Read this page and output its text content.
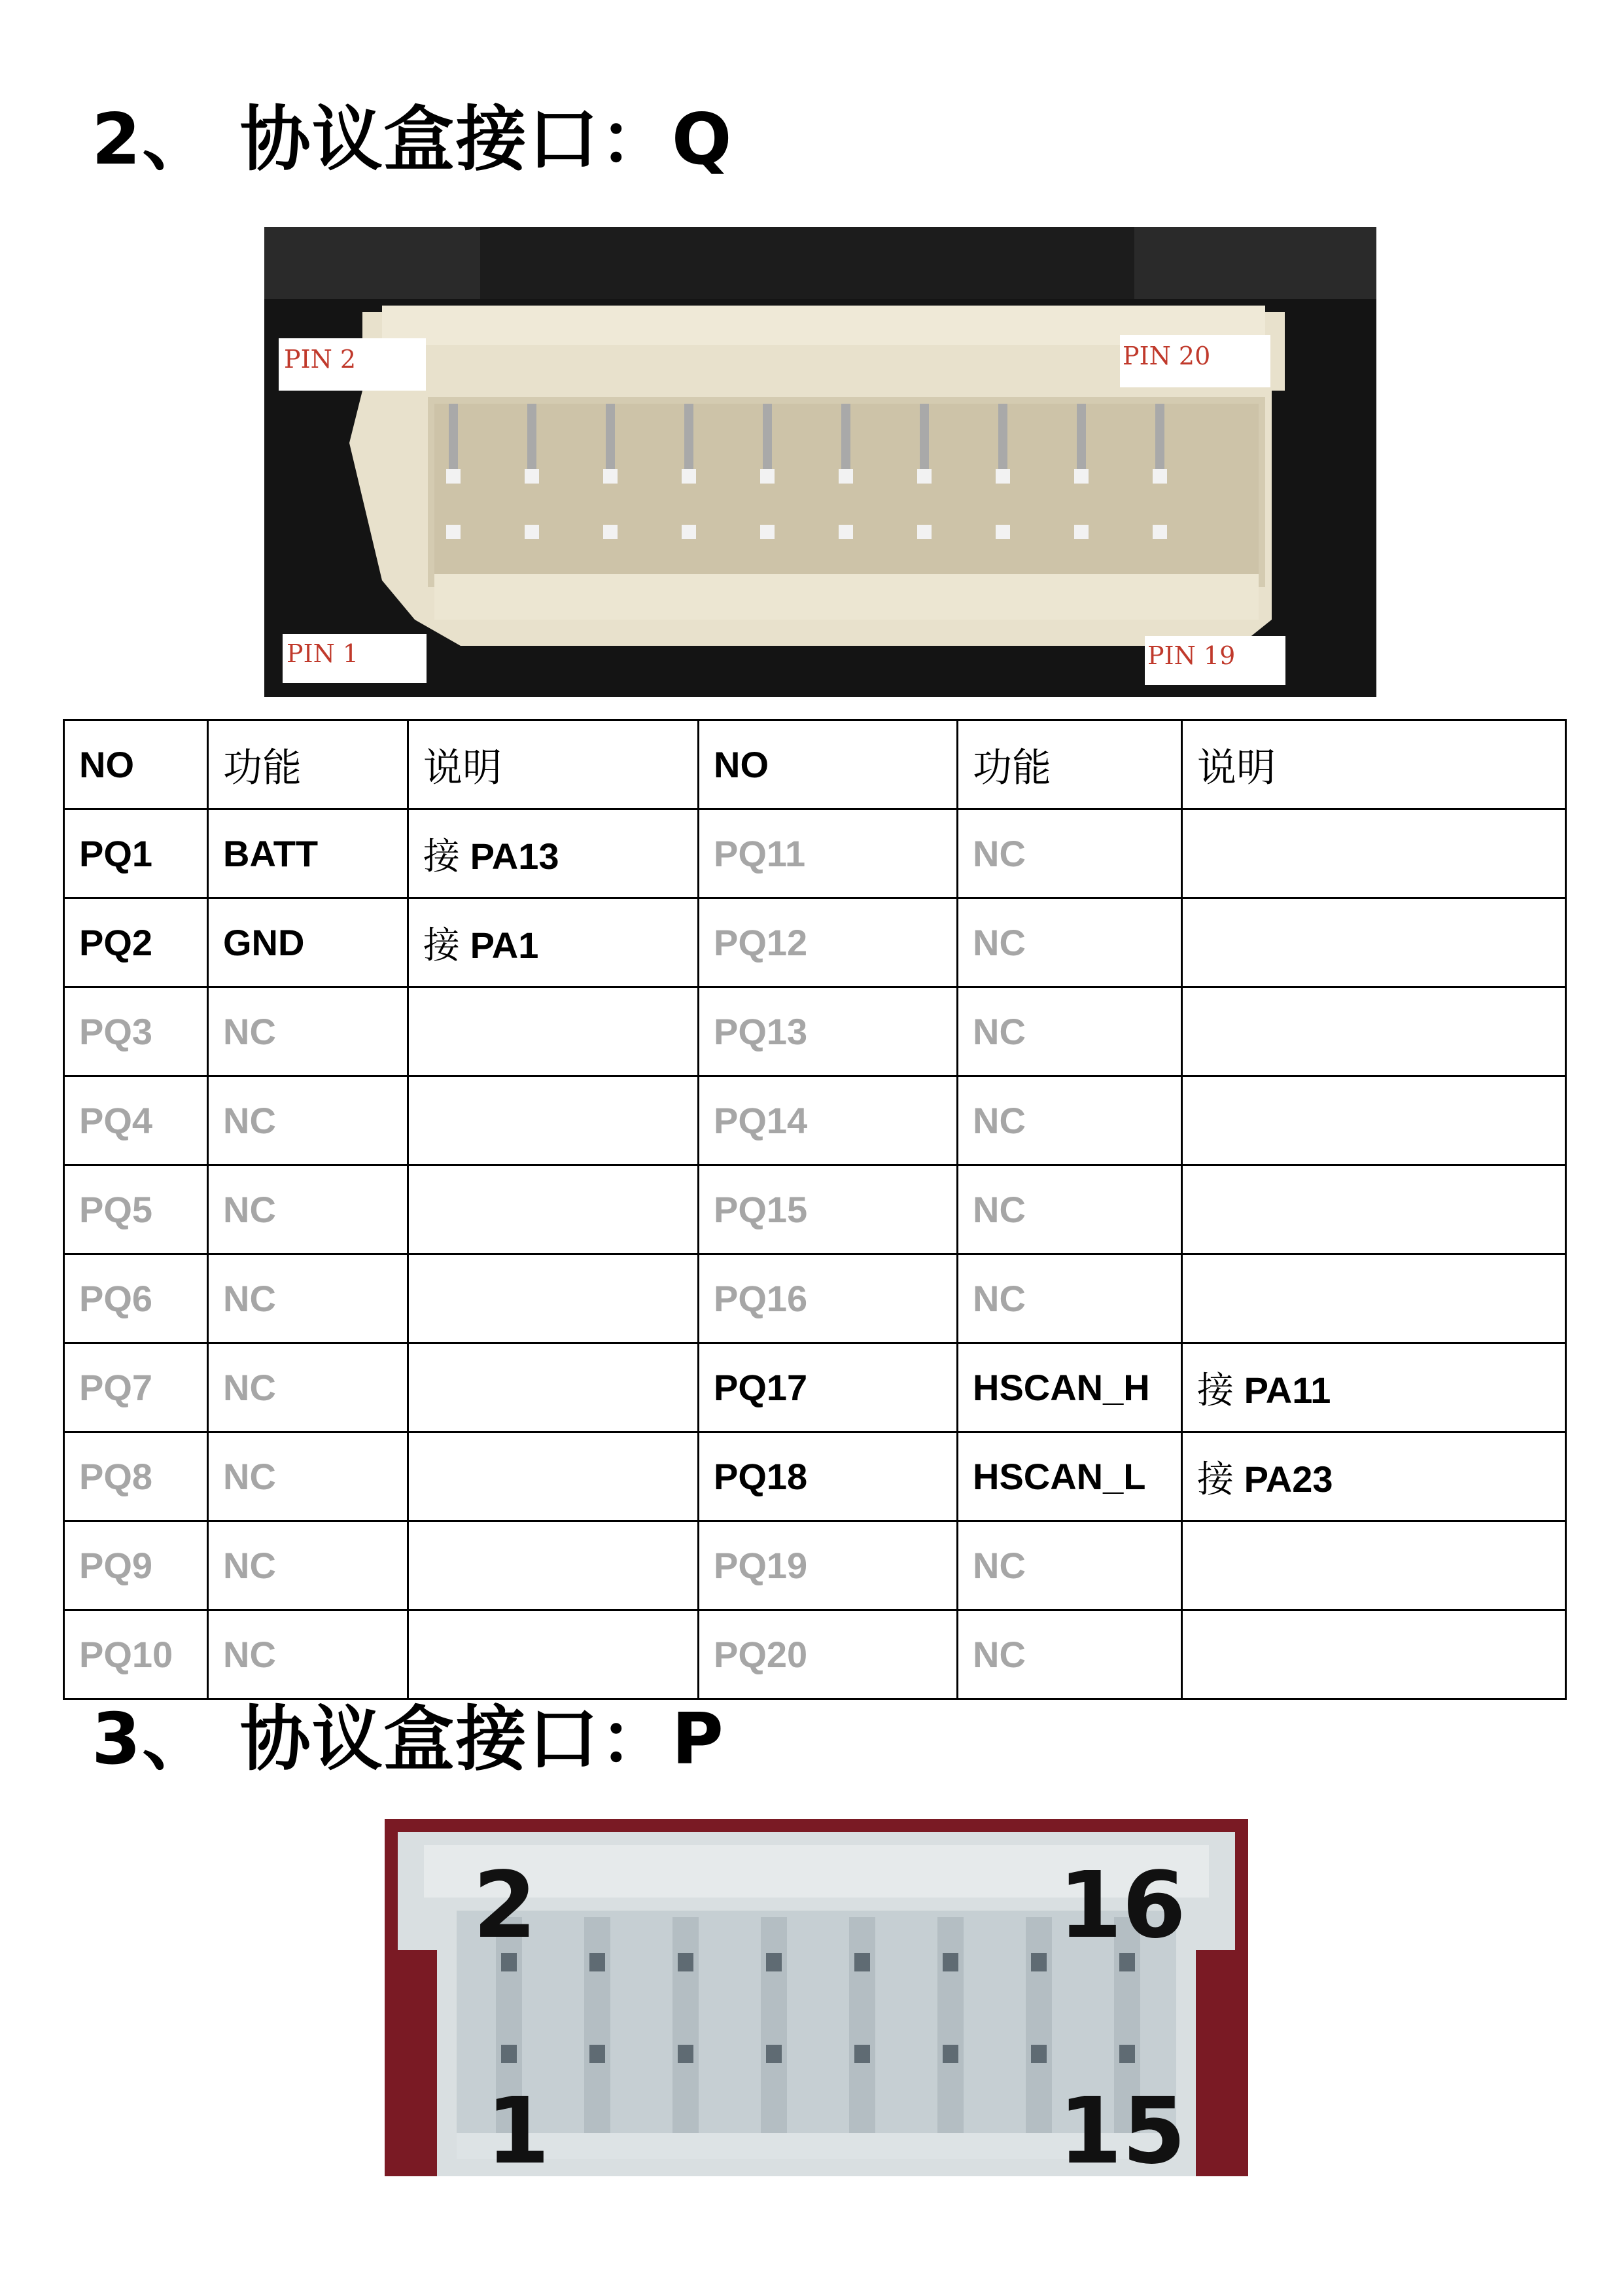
2、 协议盒接口：Q
PIN 2	PIN 20
PIN 1	PIN 19
NO	功能	说明	NO	功能	说明
PQ1	BATT	接 PA13	PQ11	NC	
PQ2	GND	接 PA1	PQ12	NC	
PQ3	NC		PQ13	NC	
PQ4	NC		PQ14	NC	
PQ5	NC		PQ15	NC	
PQ6	NC		PQ16	NC	
PQ7	NC		PQ17	HSCAN_H	接 PA11
PQ8	NC		PQ18	HSCAN_L	接 PA23
PQ9	NC		PQ19	NC	
PQ10	NC		PQ20	NC	
3、 协议盒接口：P
2	16
1	15
